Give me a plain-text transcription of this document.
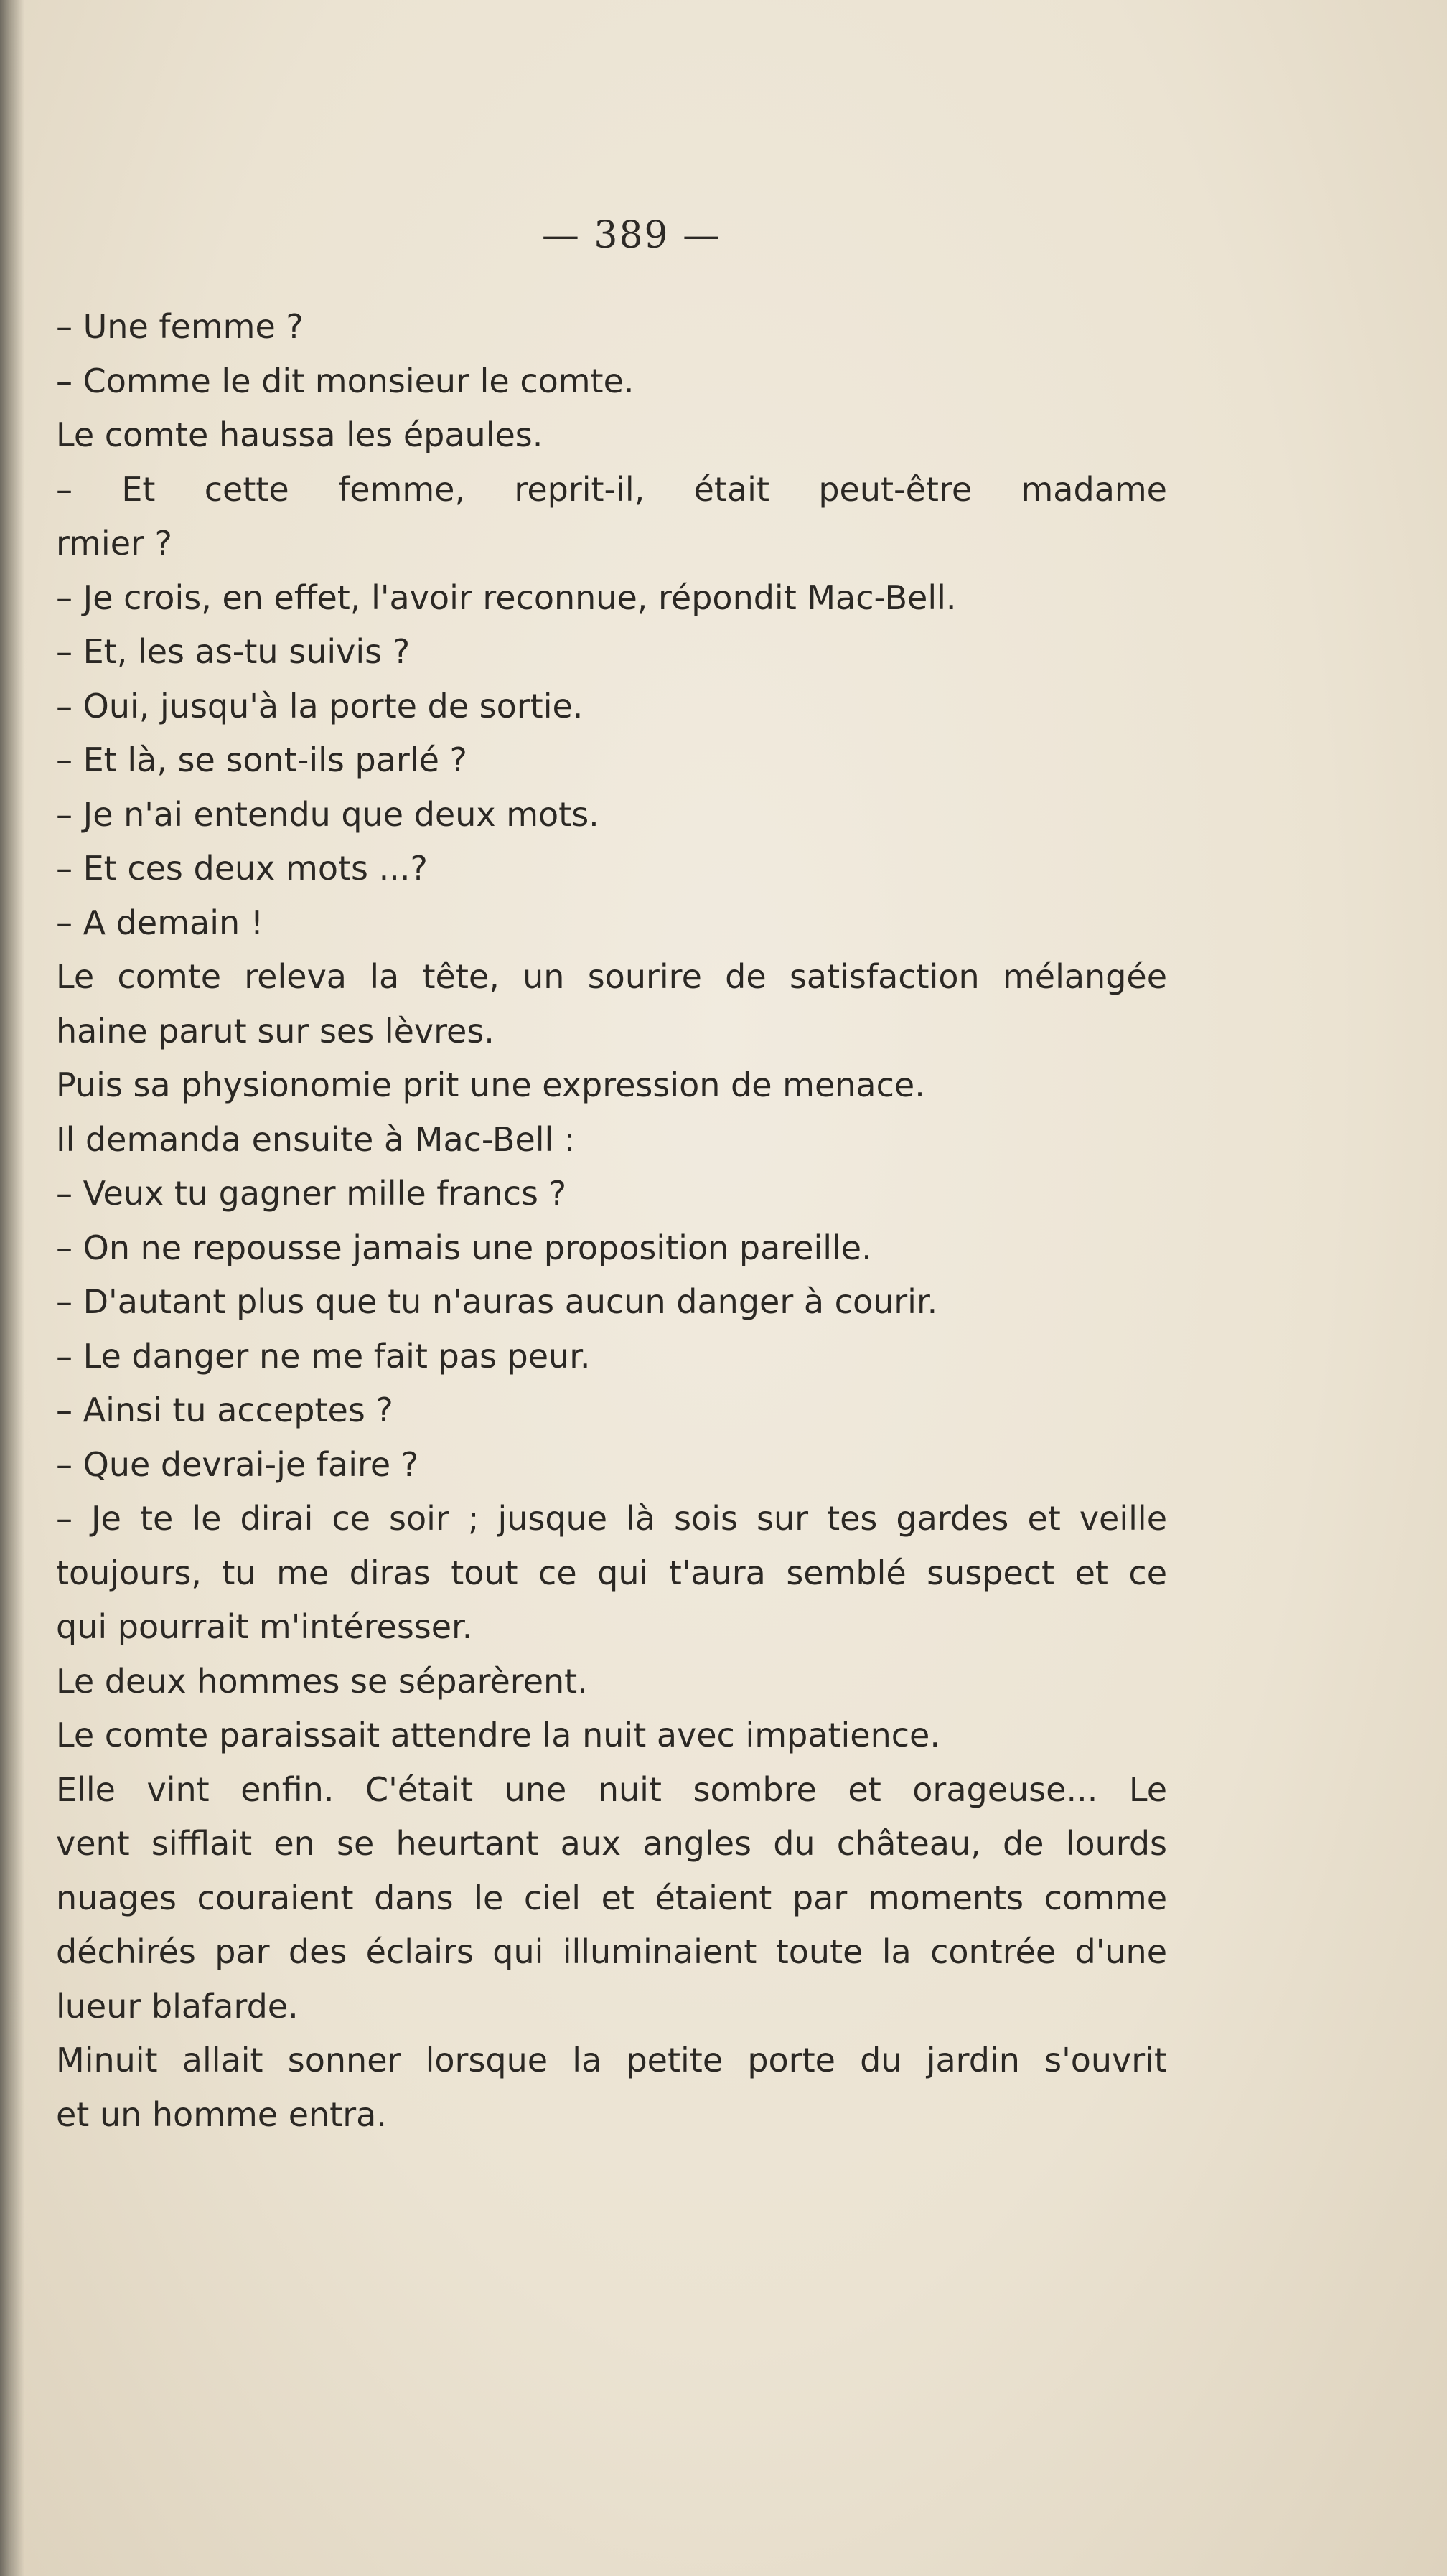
— 389 —
– Une femme ?
– Comme le dit monsieur le comte.
Le comte haussa les épaules.
– Et cette femme, reprit-il, était peut-être madame
rmier ?
– Je crois, en effet, l'avoir reconnue, répondit Mac-Bell.
– Et, les as-tu suivis ?
– Oui, jusqu'à la porte de sortie.
– Et là, se sont-ils parlé ?
– Je n'ai entendu que deux mots.
– Et ces deux mots ...?
– A demain !
Le comte releva la tête, un sourire de satisfaction mélangée
haine parut sur ses lèvres.
Puis sa physionomie prit une expression de menace.
Il demanda ensuite à Mac-Bell :
– Veux tu gagner mille francs ?
– On ne repousse jamais une proposition pareille.
– D'autant plus que tu n'auras aucun danger à courir.
– Le danger ne me fait pas peur.
– Ainsi tu acceptes ?
– Que devrai-je faire ?
– Je te le dirai ce soir ; jusque là sois sur tes gardes et veille
toujours, tu me diras tout ce qui t'aura semblé suspect et ce
qui pourrait m'intéresser.
Le deux hommes se séparèrent.
Le comte paraissait attendre la nuit avec impatience.
Elle vint enfin. C'était une nuit sombre et orageuse... Le
vent sifflait en se heurtant aux angles du château, de lourds
nuages couraient dans le ciel et étaient par moments comme
déchirés par des éclairs qui illuminaient toute la contrée d'une
lueur blafarde.
Minuit allait sonner lorsque la petite porte du jardin s'ouvrit
et un homme entra.
